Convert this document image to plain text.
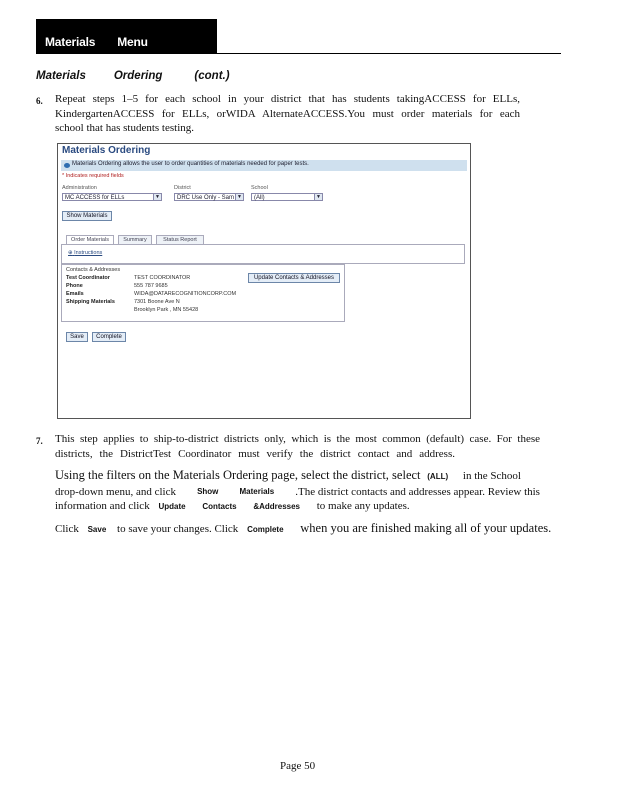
Materials Menu
Materials Ordering	(cont.)
6. Repeat steps 1–5 for each school in your district that has students takingACCESS for ELLs,
KindergartenACCESS for ELLs, orWIDA AlternateACCESS.You must order materials for each
school that has students testing.
Materials Ordering
Materials Ordering allows the user to order quantities of materials needed for paper tests.
* Indicates required fields
Administration
MC ACCESS for ELLs	▼
District
DRC Use Only - Sam ▼
School
(All)	▼
Show Materials
Order Materials	Summary	Status Report
⊕ Instructions
Contacts & Addresses
Test Coordinator	TEST COORDINATOR
Phone	555 787 9685
Emails	WIDA@DATARECOGNITIONCORP.COM
Shipping Materials	7301 Boone Ave N
Brooklyn Park , MN 55428
Update Contacts & Addresses
Save	Complete
7. This step applies to ship-to-district districts only, which is the most common (default) case. For these
districts, the DistrictTest Coordinator must verify the district contact and address.
Using the filters on the Materials Ordering page, select the district, select (ALL) in the School
drop-down menu, and click	Show	Materials .The district contacts and addresses appear. Review this
information and click Update Contacts &Addresses to make any updates.
Click Save to save your changes. Click Complete when you are finished making all of your updates.
Page 50
